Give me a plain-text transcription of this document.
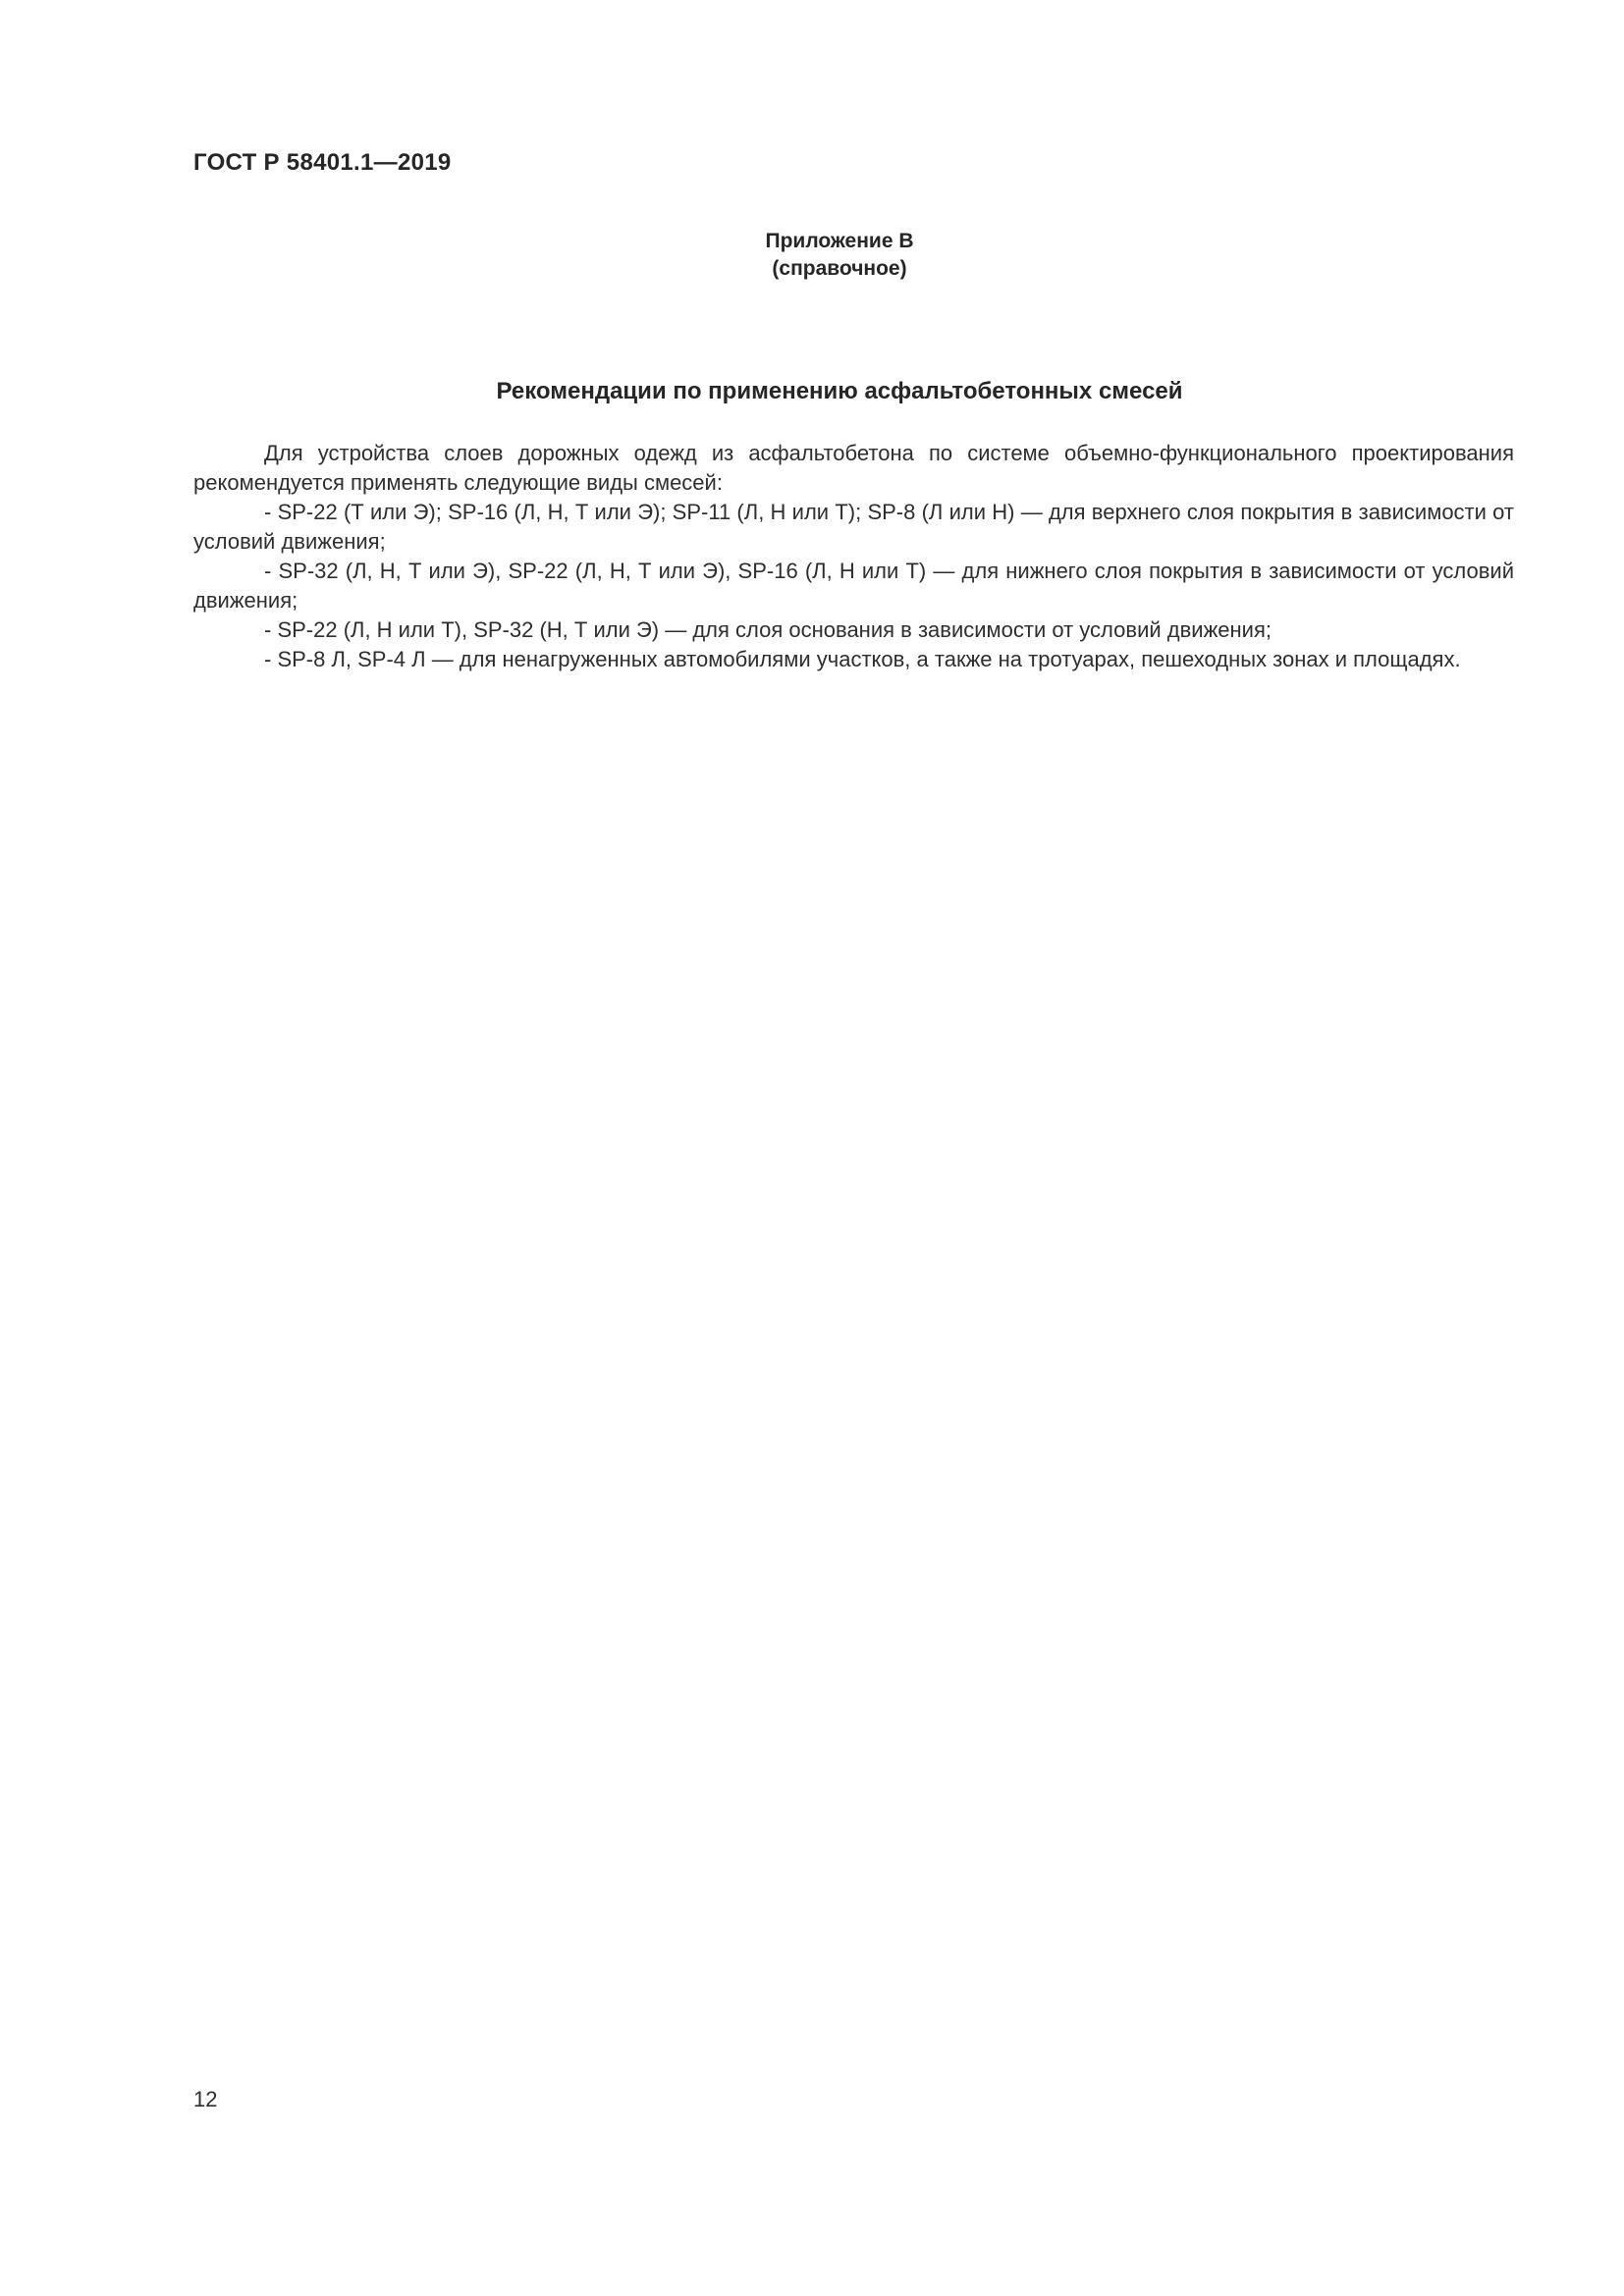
ГОСТ Р 58401.1—2019
Приложение В
(справочное)
Рекомендации по применению асфальтобетонных смесей

Для устройства слоев дорожных одежд из асфальтобетона по системе объемно-функционального проектирования рекомендуется применять следующие виды смесей:

- SP-22 (Т или Э); SP-16 (Л, Н, Т или Э); SP-11 (Л, Н или Т); SP-8 (Л или Н) — для верхнего слоя покрытия в зависимости от условий движения;

- SP-32 (Л, Н, Т или Э), SP-22 (Л, Н, Т или Э), SP-16 (Л, Н или Т) — для нижнего слоя покрытия в зависимости от условий движения;

- SP-22 (Л, Н или Т), SP-32 (Н, Т или Э) — для слоя основания в зависимости от условий движения;

- SP-8 Л, SP-4 Л — для ненагруженных автомобилями участков, а также на тротуарах, пешеходных зонах и площадях.

12
